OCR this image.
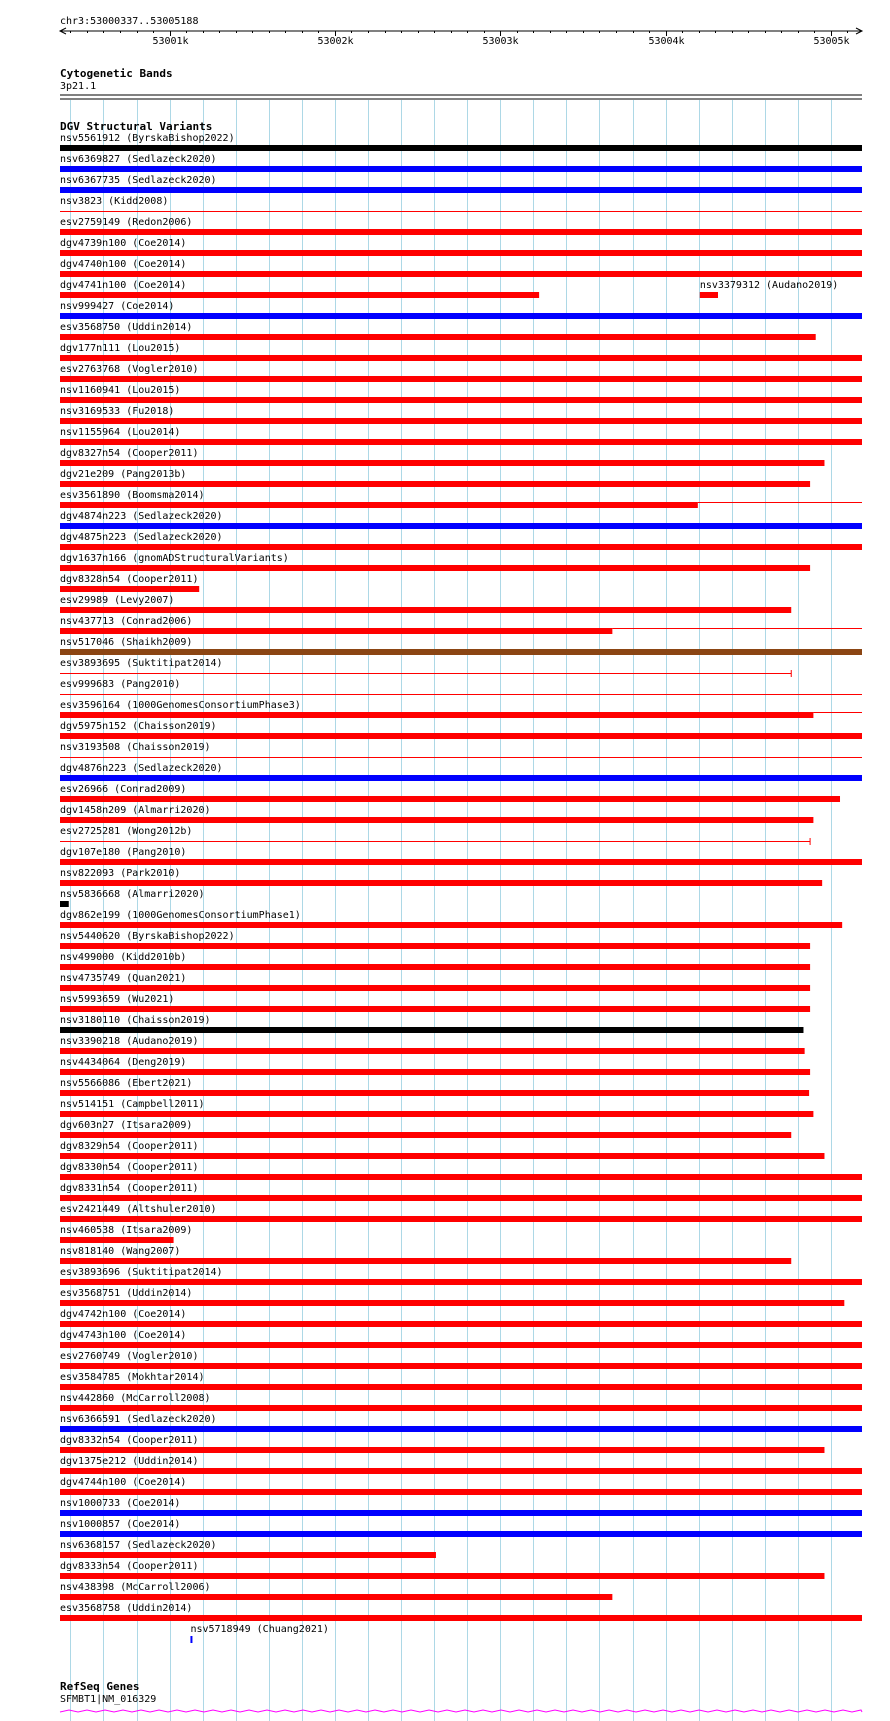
chr3:53000337..53005188
53001k	53002k	53003k	53004k	53005k
Cytogenetic Bands
3p21.1
DGV Structural Variants
nsv5561912 (ByrskaBishop2022)
nsv6369827 (Sedlazeck2020)
nsv6367735 (Sedlazeck2020)
nsv3823 (Kidd2008)
esv2759149 (Redon2006)
dgv4739n100 (Coe2014)
dgv4740n100 (Coe2014)
dgv4741n100 (Coe2014)	nsv3379312 (Audano2019)
nsv999427 (Coe2014)
esv3568750 (Uddin2014)
dgv177n111 (Lou2015)
esv2763768 (Vogler2010)
nsv1160941 (Lou2015)
nsv3169533 (Fu2018)
nsv1155964 (Lou2014)
dgv8327n54 (Cooper2011)
dgv21e209 (Pang2013b)
esv3561890 (Boomsma2014)
dgv4874n223 (Sedlazeck2020)
dgv4875n223 (Sedlazeck2020)
dgv1637n166 (gnomADStructuralVariants)
dgv8328n54 (Cooper2011)
esv29989 (Levy2007)
nsv437713 (Conrad2006)
nsv517046 (Shaikh2009)
esv3893695 (Suktitipat2014)
esv999683 (Pang2010)
esv3596164 (1000GenomesConsortiumPhase3)
dgv5975n152 (Chaisson2019)
nsv3193508 (Chaisson2019)
dgv4876n223 (Sedlazeck2020)
esv26966 (Conrad2009)
dgv1458n209 (Almarri2020)
esv2725281 (Wong2012b)
dgv107e180 (Pang2010)
nsv822093 (Park2010)
nsv5836668 (Almarri2020)
dgv862e199 (1000GenomesConsortiumPhase1)
nsv5440620 (ByrskaBishop2022)
nsv499000 (Kidd2010b)
nsv4735749 (Quan2021)
nsv5993659 (Wu2021)
nsv3180110 (Chaisson2019)
nsv3390218 (Audano2019)
nsv4434064 (Deng2019)
nsv5566086 (Ebert2021)
nsv514151 (Campbell2011)
dgv603n27 (Itsara2009)
dgv8329n54 (Cooper2011)
dgv8330n54 (Cooper2011)
dgv8331n54 (Cooper2011)
esv2421449 (Altshuler2010)
nsv460538 (Itsara2009)
nsv818140 (Wang2007)
esv3893696 (Suktitipat2014)
esv3568751 (Uddin2014)
dgv4742n100 (Coe2014)
dgv4743n100 (Coe2014)
esv2760749 (Vogler2010)
esv3584785 (Mokhtar2014)
nsv442860 (McCarroll2008)
nsv6366591 (Sedlazeck2020)
dgv8332n54 (Cooper2011)
dgv1375e212 (Uddin2014)
dgv4744n100 (Coe2014)
nsv1000733 (Coe2014)
nsv1000857 (Coe2014)
nsv6368157 (Sedlazeck2020)
dgv8333n54 (Cooper2011)
nsv438398 (McCarroll2006)
esv3568758 (Uddin2014)
nsv5718949 (Chuang2021)
RefSeq Genes
SFMBT1|NM_016329
